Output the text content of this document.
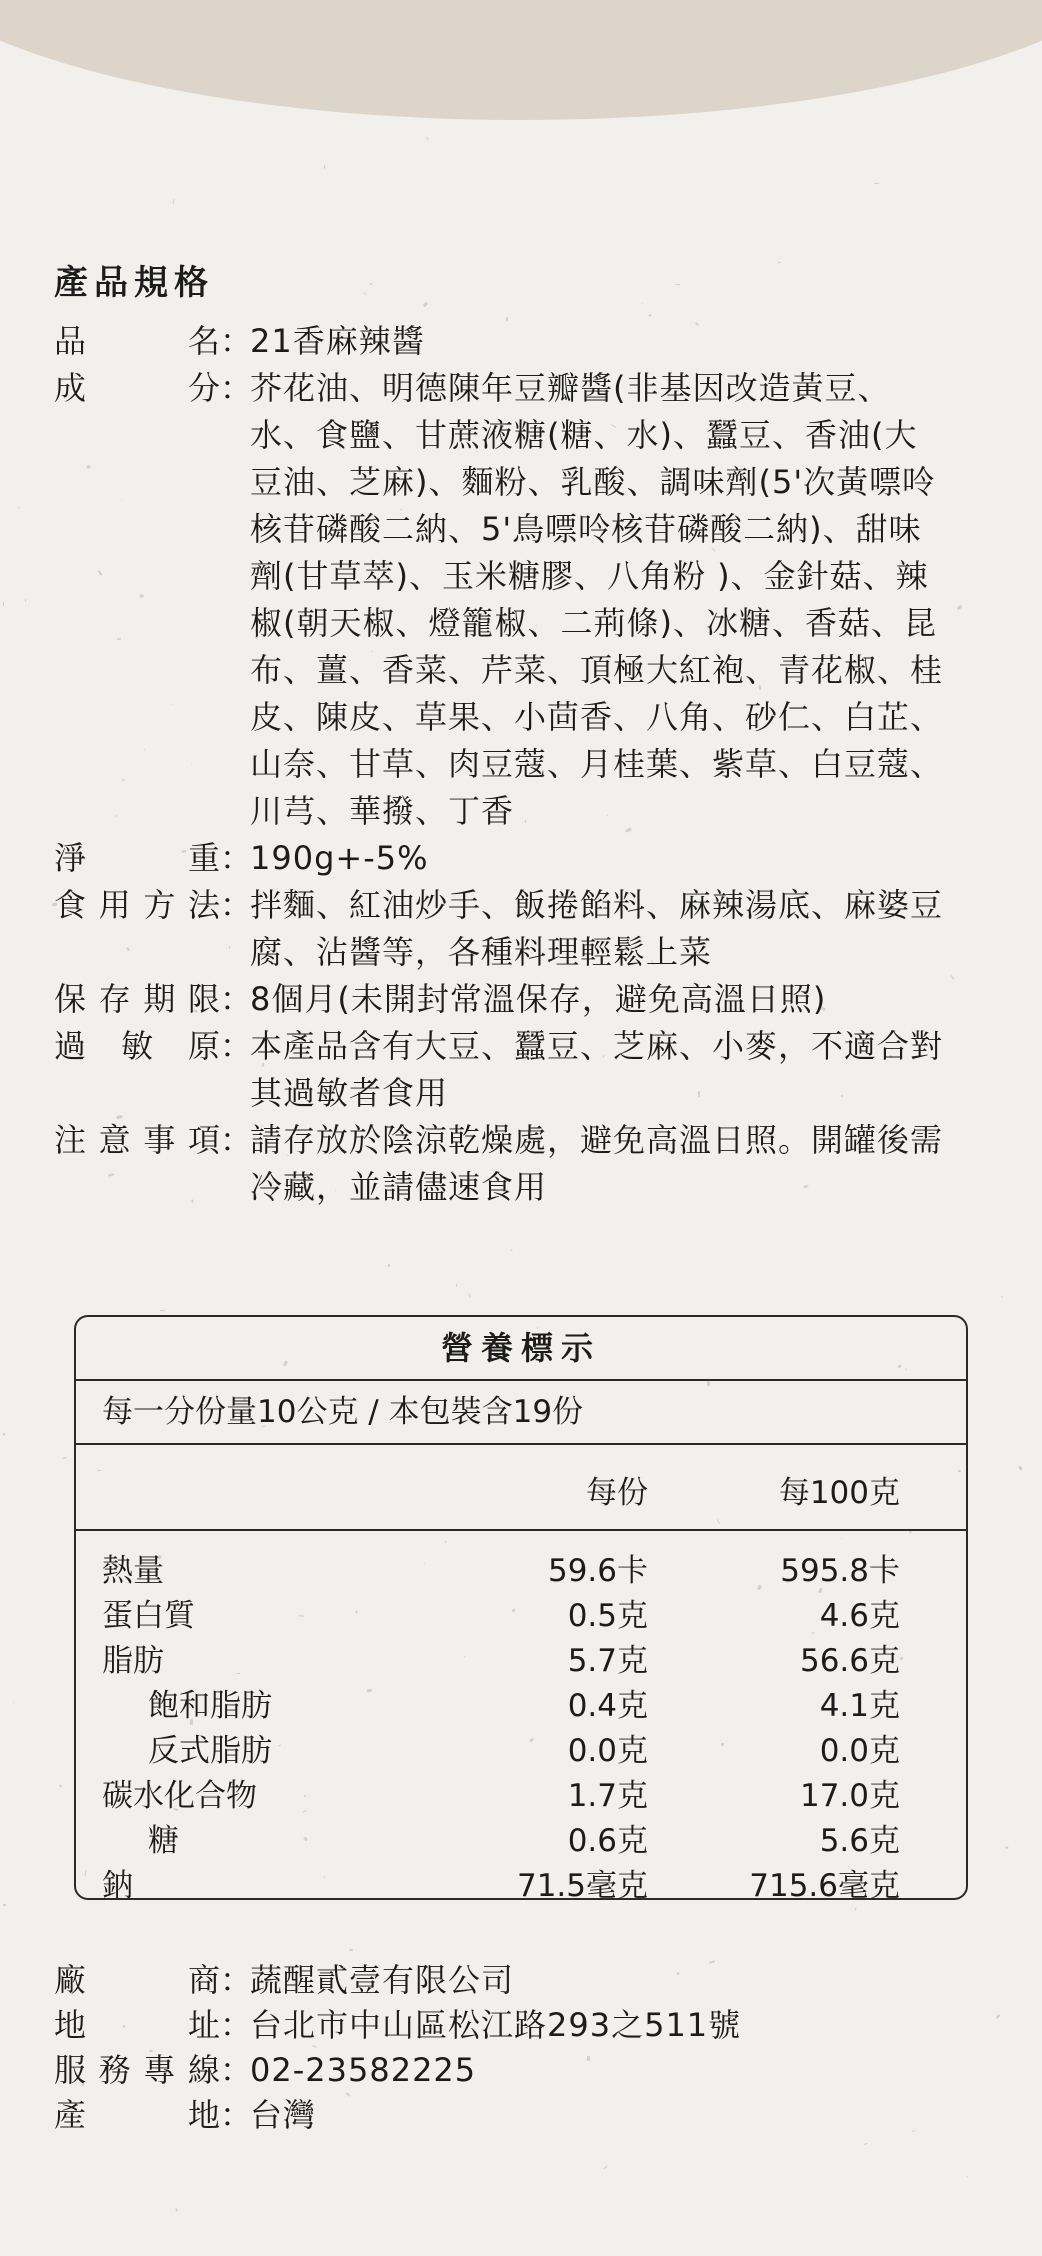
產品規格
品	名 ：
21香麻辣醬
成	分 ：
芥花油、明德陳年豆瓣醬(非基因改造黃豆、水、食鹽、甘蔗液糖(糖、水)、蠶豆、香油(大豆油、芝麻)、麵粉、乳酸、調味劑(5'次黃嘌呤核苷磷酸二納、5'鳥嘌呤核苷磷酸二納)、甜味劑(甘草萃)、玉米糖膠、八角粉 )、金針菇、辣椒(朝天椒、燈籠椒、二荊條)、冰糖、香菇、昆布、薑、香菜、芹菜、頂極大紅袍、青花椒、桂皮、陳皮、草果、小茴香、八角、砂仁、白芷、山奈、甘草、肉豆蔻、月桂葉、紫草、白豆蔻、川芎、華撥、丁香
淨	重 ：
190g+-5%
食 用 方 法 ：
拌麵、紅油炒手、飯捲餡料、麻辣湯底、麻婆豆腐、沾醬等，各種料理輕鬆上菜
保 存 期 限 ：
8個月(未開封常溫保存，避免高溫日照)
過 敏 原 ：
本產品含有大豆、蠶豆、芝麻、小麥，不適合對其過敏者食用
注 意 事 項 ：
請存放於陰涼乾燥處，避免高溫日照。開罐後需冷藏，並請儘速食用
營養標示
每一分份量10公克 / 本包裝含19份
每份	每100克
熱量	59.6卡	595.8卡
蛋白質	0.5克	4.6克
脂肪	5.7克	56.6克
飽和脂肪	0.4克	4.1克
反式脂肪	0.0克	0.0克
碳水化合物	1.7克	17.0克
糖	0.6克	5.6克
鈉	71.5毫克	715.6毫克
廠	商 ：
蔬醒貳壹有限公司
地	址 ：
台北市中山區松江路293之511號
服 務 專 線 ：
02-23582225
產	地 ：
台灣
